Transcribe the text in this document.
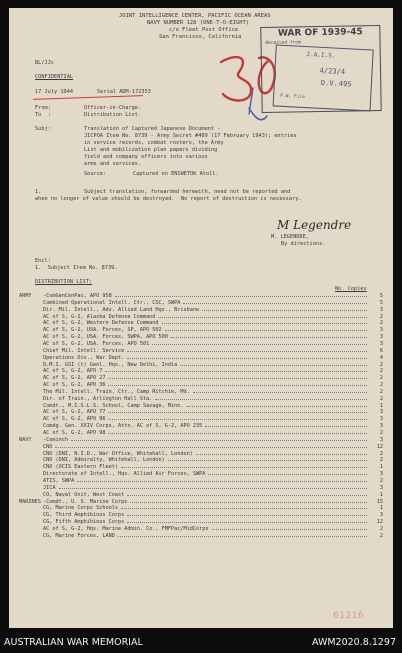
JOINT INTELLIGENCE CENTER, PACIFIC OCEAN AREAS
NAVY NUMBER 128 (ONE-T-O-EIGHT)
c/o Fleet Post Office
San Francisco, California	WAR OF 1939-45
Received from
J.A.I.S.
4/23/4
D.V. 495
P.W. File
BL/JJc
CONFIDENTIAL
17 July 1944	Serial ADM-172353
From:	Officer-in-Charge.
To  :	Distribution List.
Subj:	Translation of Captured Japanese Document -
JICPOA Item No. 8739 - Army Secret #409 (17 February 1943); entries
in service records, combat rosters, the Army
List and mobilization plan papers dividing
field and company officers into various
arms and services.
Source:	Captured on ENIWETOK Atoll.
1.	Subject translation, forwarded herewith, need not be reported and
when no longer of value should be destroyed.  No report of destruction is necessary.
M Legendre
M. LEGENDRE,
By directions.
Encl:
1.  Subject Item No. 8739.
DISTRIBUTION LIST:
No. Copies
ARMY -ComGenCenPac, APO 958	5
Combined Operational Intell. Ctr., CSC, SWPA	5
Dir. Mil. Intell., Adv. Allied Land Hqs., Brisbane	3
AC of S, G-2, Alaska Defense Command	2
AC of S, G-2, Western Defense Command	2
AC of S, G-2, USA. Forces, SP, APO 502	3
AC of S, G-2, USA. Forces, SWPA, APO 500	3
AC of S, G-2, USA. Forces, APO 501	3
Chief Mil. Intell. Service	6
Operations Div., War Dept.	4
D.M.I. GSI (t) Genl. Hqs., New Delhi, India	2
AC of S, G-2, APO 7	2
AC of S, G-2, APO 27	2
AC of S, G-2, APO 36	2
The Mil. Intell. Train. Ctr., Camp Ritchie, Md.	2
Dir. of Train., Arlington Hall Sta.	2
Comdt., M.I.S.L.S. School, Camp Savage, Minn.	1
AC of S, G-2, APO 77	3
AC of S, G-2, APO 96	3
Comdg. Gen. XXIV Corps, Attn. AC of S, G-2, APO 235	3
AC of S, G-2, APO 98	2
NAVY -Cominch	3
CNO	12
CNO (DNI, N.I.D., War Office, Whitehall, London)	2
CNO (DNI, Admiralty, Whitehall, London)	2
CNO (OCIS Eastern Fleet)	1
Directorate of Intell., Hqs. Allied Air Forces, SWPA	3
ATIS, SWPA	2
JICA	3
CO, Naval Unit, West Coast	1
MARINES -Comdt., U. S. Marine Corps	15
CG, Marine Corps Schools	1
CG, Third Amphibious Corps	3
CG, Fifth Amphibious Corps	12
AC of S, G-2, Hqs. Marine Admin. Co., FMFPac/MidCorps	2
CG, Marine Forces, LAND	2
61216
AUSTRALIAN WAR MEMORIAL	AWM2020.8.1297
